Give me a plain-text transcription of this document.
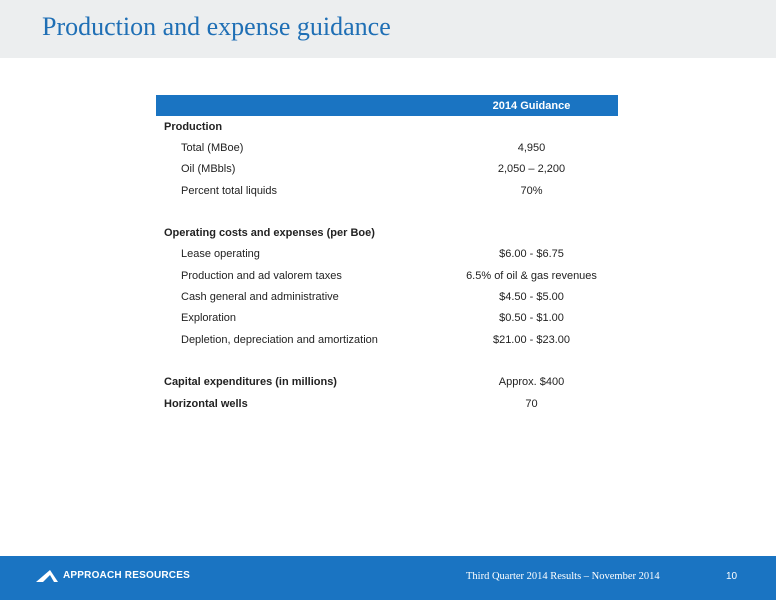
Production and expense guidance
	2014 Guidance
Production	
Total (MBoe)	4,950
Oil (MBbls)	2,050 – 2,200
Percent total liquids	70%

Operating costs and expenses (per Boe)	
Lease operating	$6.00 - $6.75
Production and ad valorem taxes	6.5% of oil & gas revenues
Cash general and administrative	$4.50 - $5.00
Exploration	$0.50 - $1.00
Depletion, depreciation and amortization	$21.00 - $23.00

Capital expenditures (in millions)	Approx. $400
Horizontal wells	70
APPROACH RESOURCES	Third Quarter 2014 Results – November 2014	10
